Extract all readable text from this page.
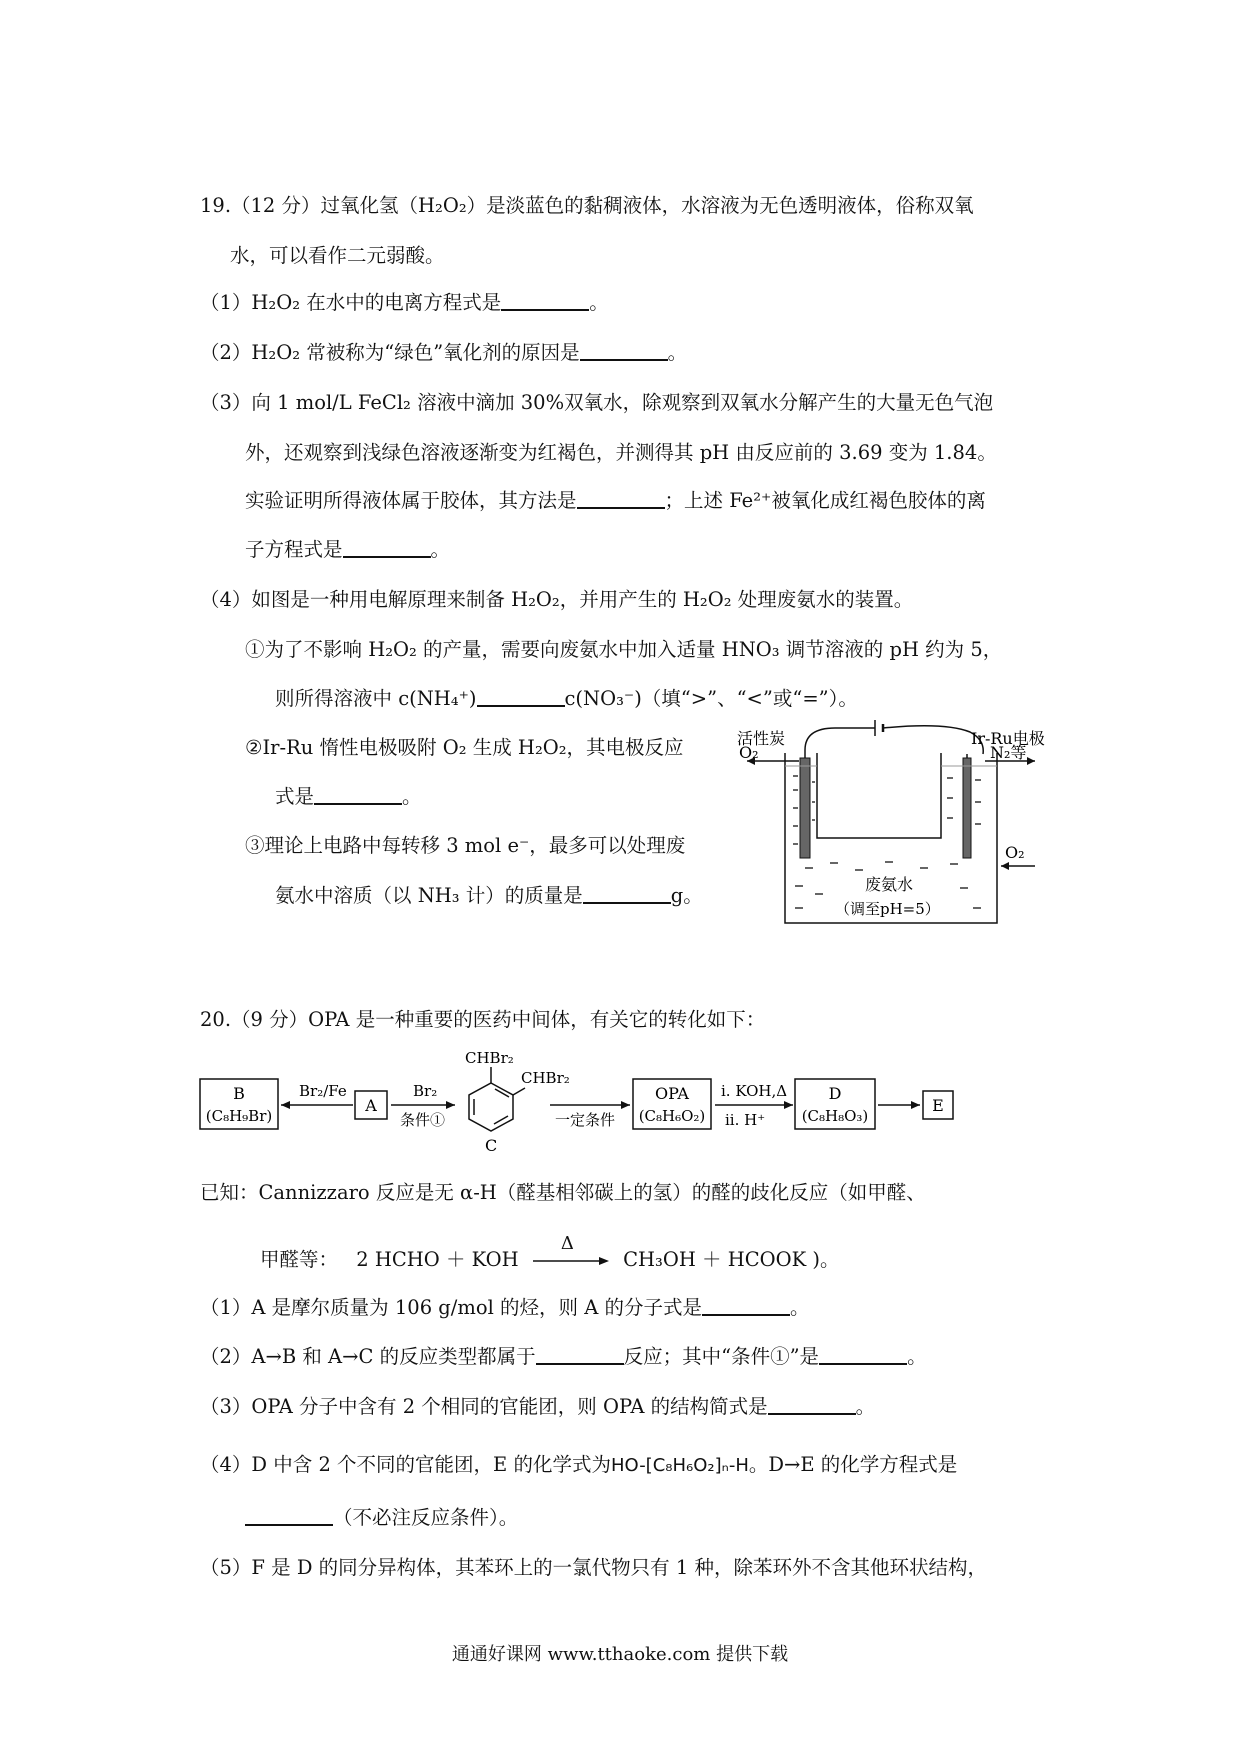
19.（12 分）过氧化氢（H₂O₂）是淡蓝色的黏稠液体，水溶液为无色透明液体，俗称双氧
水，可以看作二元弱酸。
（1）H₂O₂ 在水中的电离方程式是	。
（2）H₂O₂ 常被称为“绿色”氧化剂的原因是	。
（3）向 1 mol/L FeCl₂ 溶液中滴加 30%双氧水，除观察到双氧水分解产生的大量无色气泡
外，还观察到浅绿色溶液逐渐变为红褐色，并测得其 pH 由反应前的 3.69 变为 1.84。
实验证明所得液体属于胶体，其方法是	；上述 Fe²⁺被氧化成红褐色胶体的离
子方程式是	。
（4）如图是一种用电解原理来制备 H₂O₂，并用产生的 H₂O₂ 处理废氨水的装置。
①为了不影响 H₂O₂ 的产量，需要向废氨水中加入适量 HNO₃ 调节溶液的 pH 约为 5，
则所得溶液中 c(NH₄⁺)	c(NO₃⁻)（填“>”、“<”或“=”）。
②Ir-Ru 惰性电极吸附 O₂ 生成 H₂O₂，其电极反应
式是	。
③理论上电路中每转移 3 mol e⁻，最多可以处理废
氨水中溶质（以 NH₃ 计）的质量是	g。
活性炭
O₂
Ir-Ru电极
N₂等
O₂
废氨水
（调至pH=5）
20.（9 分）OPA 是一种重要的医药中间体，有关它的转化如下：
B
(C₈H₉Br)
Br₂/Fe
A
Br₂
条件①
CHBr₂
CHBr₂
C
一定条件
OPA
(C₈H₆O₂)
i. KOH,Δ
ii. H⁺
D
(C₈H₈O₃)
E
已知：Cannizzaro 反应是无 α-H（醛基相邻碳上的氢）的醛的歧化反应（如甲醛、
甲醛等： 2 HCHO ＋ KOH
Δ
CH₃OH ＋ HCOOK )。
（1）A 是摩尔质量为 106 g/mol 的烃，则 A 的分子式是	。
（2）A→B 和 A→C 的反应类型都属于	反应；其中“条件①”是	。
（3）OPA 分子中含有 2 个相同的官能团，则 OPA 的结构简式是	。
（4）D 中含 2 个不同的官能团，E 的化学式为HO-[C₈H₆O₂]ₙ-H。D→E 的化学方程式是
（不必注反应条件）。
（5）F 是 D 的同分异构体，其苯环上的一氯代物只有 1 种，除苯环外不含其他环状结构，
通通好课网 www.tthaoke.com 提供下载
